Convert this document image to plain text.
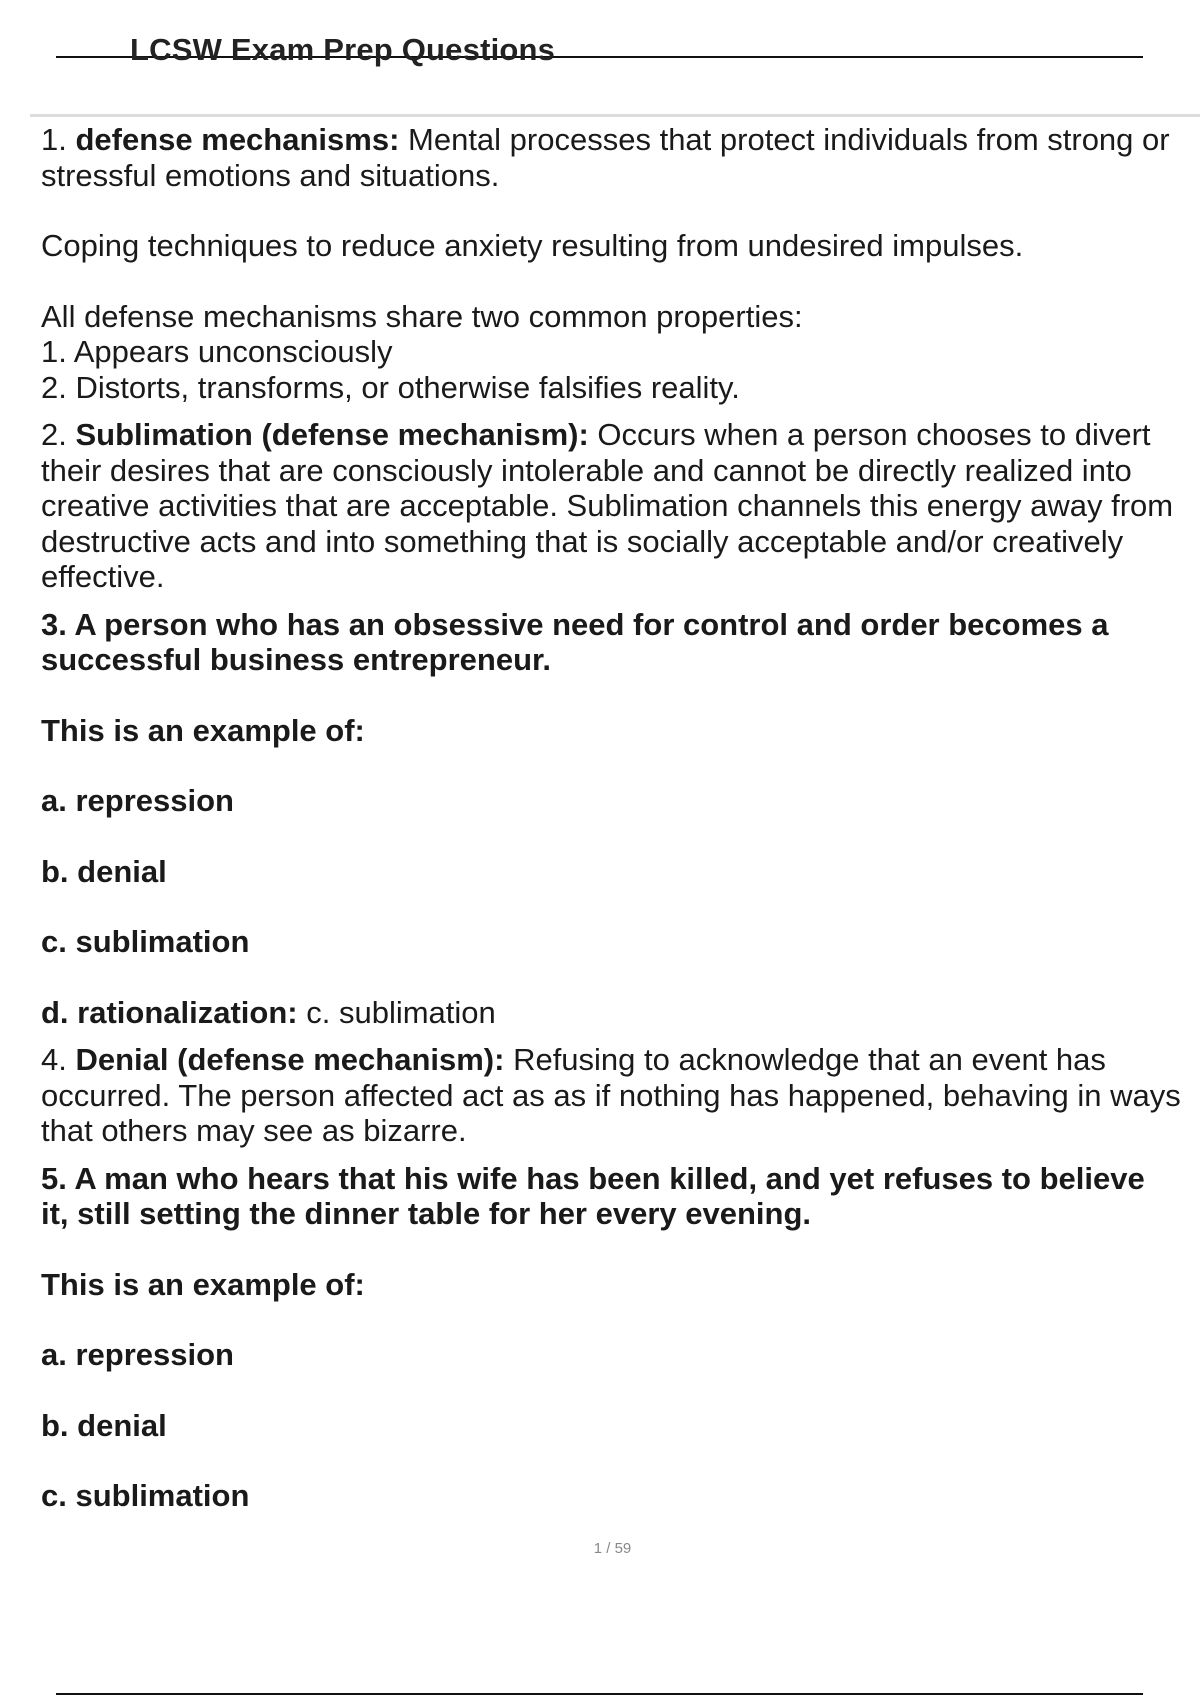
LCSW Exam Prep Questions

1. defense mechanisms: Mental processes that protect individuals from strong or

stressful emotions and situations.

Coping techniques to reduce anxiety resulting from undesired impulses.

All defense mechanisms share two common properties:

1. Appears unconsciously

2. Distorts, transforms, or otherwise falsifies reality.

2. Sublimation (defense mechanism): Occurs when a person chooses to divert

their desires that are consciously intolerable and cannot be directly realized into

creative activities that are acceptable. Sublimation channels this energy away from

destructive acts and into something that is socially acceptable and/or creatively

effective.

3. A person who has an obsessive need for control and order becomes a

successful business entrepreneur.

This is an example of:

a. repression

b. denial

c. sublimation

d. rationalization: c. sublimation

4. Denial (defense mechanism): Refusing to acknowledge that an event has

occurred. The person affected act as as if nothing has happened, behaving in ways

that others may see as bizarre.

5. A man who hears that his wife has been killed, and yet refuses to believe

it, still setting the dinner table for her every evening.

This is an example of:

a. repression

b. denial

c. sublimation

1 / 59
